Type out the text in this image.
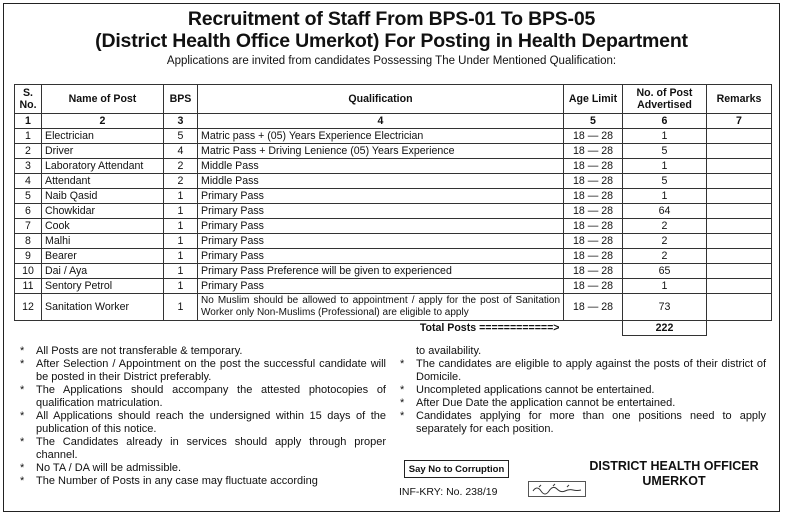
Recruitment of Staff From BPS-01 To BPS-05
(District Health Office Umerkot) For Posting in Health Department
Applications are invited from candidates Possessing The Under Mentioned Qualification:
S. No.	Name of Post	BPS	Qualification	Age Limit	No. of Post Advertised	Remarks
1	2	3	4	5	6	7
1	Electrician	5	Matric pass + (05) Years Experience Electrician	18 — 28	1	
2	Driver	4	Matric Pass + Driving Lenience (05) Years Experience	18 — 28	5	
3	Laboratory Attendant	2	Middle Pass	18 — 28	1	
4	Attendant	2	Middle Pass	18 — 28	5	
5	Naib Qasid	1	Primary Pass	18 — 28	1	
6	Chowkidar	1	Primary Pass	18 — 28	64	
7	Cook	1	Primary Pass	18 — 28	2	
8	Malhi	1	Primary Pass	18 — 28	2	
9	Bearer	1	Primary Pass	18 — 28	2	
10	Dai / Aya	1	Primary Pass Preference will be given to experienced	18 — 28	65	
11	Sentory Petrol	1	Primary Pass	18 — 28	1	
12	Sanitation Worker	1	No Muslim should be allowed to appointment / apply for the post of Sanitation Worker only Non-Muslims (Professional) are eligible to apply	18 — 28	73	
Total Posts ============>					222	
* All Posts are not transferable & temporary.
* After Selection / Appointment on the post the successful candidate will be posted in their District preferably.
* The Applications should accompany the attested photocopies of qualification matriculation.
* All Applications should reach the undersigned within 15 days of the publication of this notice.
* The Candidates already in services should apply through proper channel.
* No TA / DA will be admissible.
* The Number of Posts in any case may fluctuate according
to availability.
* The candidates are eligible to apply against the posts of their district of Domicile.
* Uncompleted applications cannot be entertained.
* After Due Date the application cannot be entertained.
* Candidates applying for more than one positions need to apply separately for each position.
Say No to Corruption
INF-KRY: No. 238/19
DISTRICT HEALTH OFFICER
UMERKOT
